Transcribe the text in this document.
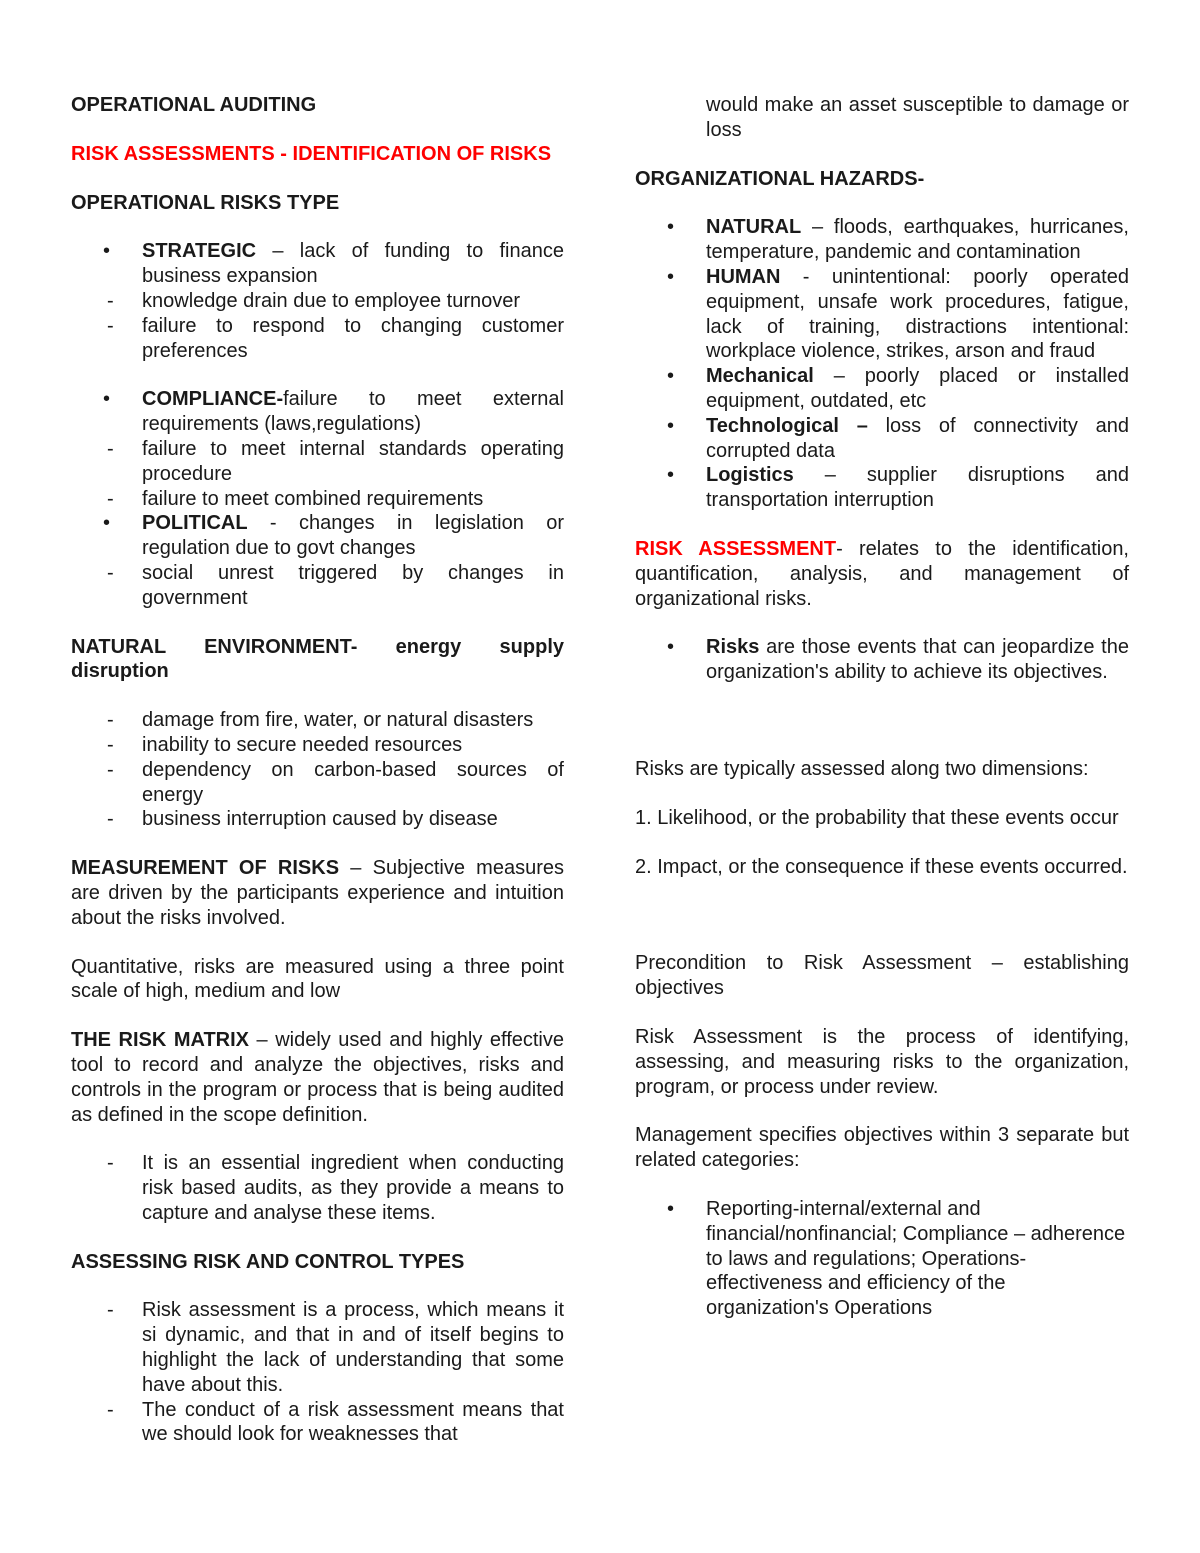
OPERATIONAL AUDITING

RISK ASSESSMENTS - IDENTIFICATION OF RISKS

OPERATIONAL RISKS TYPE

• STRATEGIC – lack of funding to finance business expansion
- knowledge drain due to employee turnover
- failure to respond to changing customer preferences
• COMPLIANCE-failure to meet external requirements (laws,regulations)
- failure to meet internal standards operating procedure
- failure to meet combined requirements
• POLITICAL - changes in legislation or regulation due to govt changes
- social unrest triggered by changes in government

NATURAL ENVIRONMENT- energy supply disruption

- damage from fire, water, or natural disasters
- inability to secure needed resources
- dependency on carbon-based sources of energy
- business interruption caused by disease

MEASUREMENT OF RISKS – Subjective measures are driven by the participants experience and intuition about the risks involved.

Quantitative, risks are measured using a three point scale of high, medium and low

THE RISK MATRIX – widely used and highly effective tool to record and analyze the objectives, risks and controls in the program or process that is being audited as defined in the scope definition.

- It is an essential ingredient when conducting risk based audits, as they provide a means to capture and analyse these items.

ASSESSING RISK AND CONTROL TYPES

- Risk assessment is a process, which means it si dynamic, and that in and of itself begins to highlight the lack of understanding that some have about this.
- The conduct of a risk assessment means that we should look for weaknesses that
would make an asset susceptible to damage or loss

ORGANIZATIONAL HAZARDS-

• NATURAL – floods, earthquakes, hurricanes, temperature, pandemic and contamination
• HUMAN - unintentional: poorly operated equipment, unsafe work procedures, fatigue, lack of training, distractions intentional: workplace violence, strikes, arson and fraud
• Mechanical – poorly placed or installed equipment, outdated, etc
• Technological – loss of connectivity and corrupted data
• Logistics – supplier disruptions and transportation interruption

RISK ASSESSMENT- relates to the identification, quantification, analysis, and management of organizational risks.

• Risks are those events that can jeopardize the organization's ability to achieve its objectives.

Risks are typically assessed along two dimensions:

1. Likelihood, or the probability that these events occur

2. Impact, or the consequence if these events occurred.

Precondition to Risk Assessment – establishing objectives

Risk Assessment is the process of identifying, assessing, and measuring risks to the organization, program, or process under review.

Management specifies objectives within 3 separate but related categories:

• Reporting-internal/external and financial/nonfinancial; Compliance – adherence to laws and regulations; Operations- effectiveness and efficiency of the organization's Operations
